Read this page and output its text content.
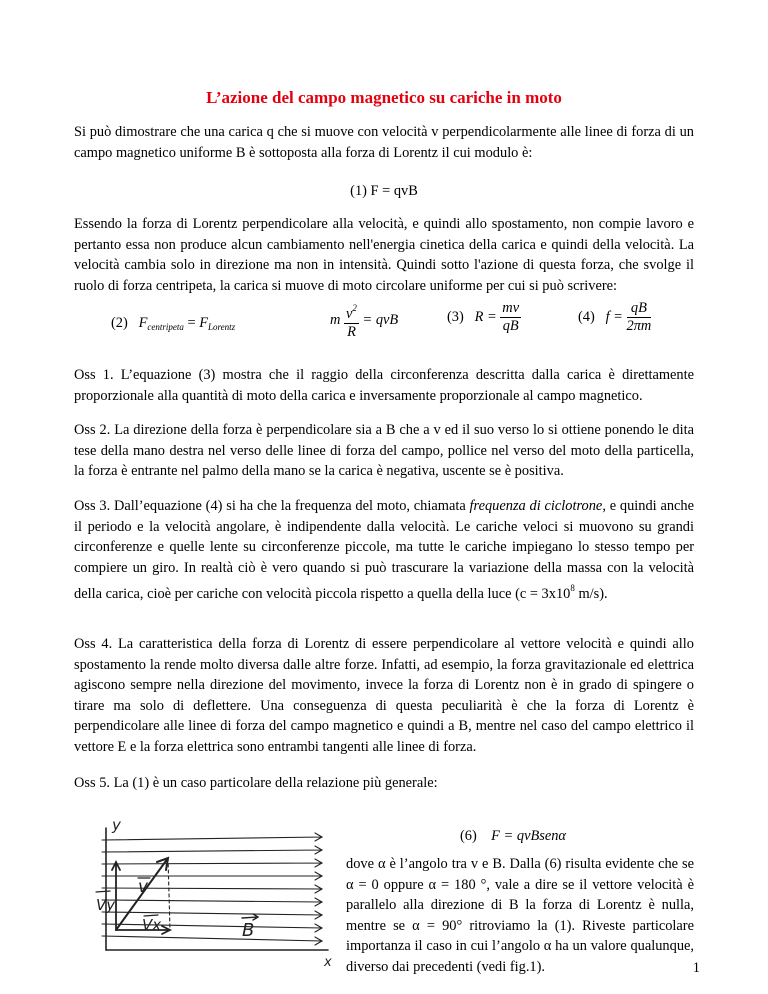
L’azione del campo magnetico su cariche in moto
Si può dimostrare che una carica q che si muove con velocità v perpendicolarmente alle linee di forza di un campo magnetico uniforme B è sottoposta alla forza di Lorentz il cui modulo è:
(1) F = qvB
Essendo la forza di Lorentz perpendicolare alla velocità, e quindi allo spostamento, non compie lavoro e pertanto essa non produce alcun cambiamento nell'energia cinetica della carica e quindi della velocità. La velocità cambia solo in direzione ma non in intensità. Quindi sotto l'azione di questa forza, che svolge il ruolo di forza centripeta, la carica si muove di moto circolare uniforme per cui si può scrivere:
(2) $F_{centripeta} = F_{Lorentz}$	m $\frac{v^2}{R}$ = qvB	(3) $R = \frac{mv}{qB}$	(4) $f = \frac{qB}{2\pi m}$
Oss 1. L’equazione (3) mostra che il raggio della circonferenza descritta dalla carica è direttamente proporzionale alla quantità di moto della carica e inversamente proporzionale al campo magnetico.
Oss 2. La direzione della forza è perpendicolare sia a B che a v ed il suo verso lo si ottiene ponendo le dita tese della mano destra nel verso delle linee di forza del campo, pollice nel verso del moto della particella, la forza è entrante nel palmo della mano se la carica è negativa, uscente se è positiva.
Oss 3. Dall’equazione (4) si ha che la frequenza del moto, chiamata frequenza di ciclotrone, e quindi anche il periodo e la velocità angolare, è indipendente dalla velocità. Le cariche veloci si muovono su grandi circonferenze e quelle lente su circonferenze piccole, ma tutte le cariche impiegano lo stesso tempo per compiere un giro. In realtà ciò è vero quando si può trascurare la variazione della massa con la velocità della carica, cioè per cariche con velocità piccola rispetto a quella della luce ($c = 3x10^8$ m/s).
Oss 4. La caratteristica della forza di Lorentz di essere perpendicolare al vettore velocità e quindi allo spostamento la rende molto diversa dalle altre forze. Infatti, ad esempio, la forza gravitazionale ed elettrica agiscono sempre nella direzione del movimento, invece la forza di Lorentz non è in grado di spingere o tirare ma solo di deflettere. Una conseguenza di questa peculiarità è che la forza di Lorentz è perpendicolare alle linee di forza del campo magnetico e quindi a B, mentre nel caso del campo elettrico il vettore E e la forza elettrica sono entrambi tangenti alle linee di forza.
Oss 5. La (1) è un caso particolare della relazione più generale:
(6) F = qvBsenα
y
x
v
Vy
Vx	B
dove α è l’angolo tra v e B. Dalla (6) risulta evidente che se α = 0 oppure α = 180 °, vale a dire se il vettore velocità è parallelo alla direzione di B la forza di Lorentz è nulla, mentre se α = 90° ritroviamo la (1). Riveste particolare importanza il caso in cui l’angolo α ha un valore qualunque, diverso dai precedenti (vedi fig.1).	1
